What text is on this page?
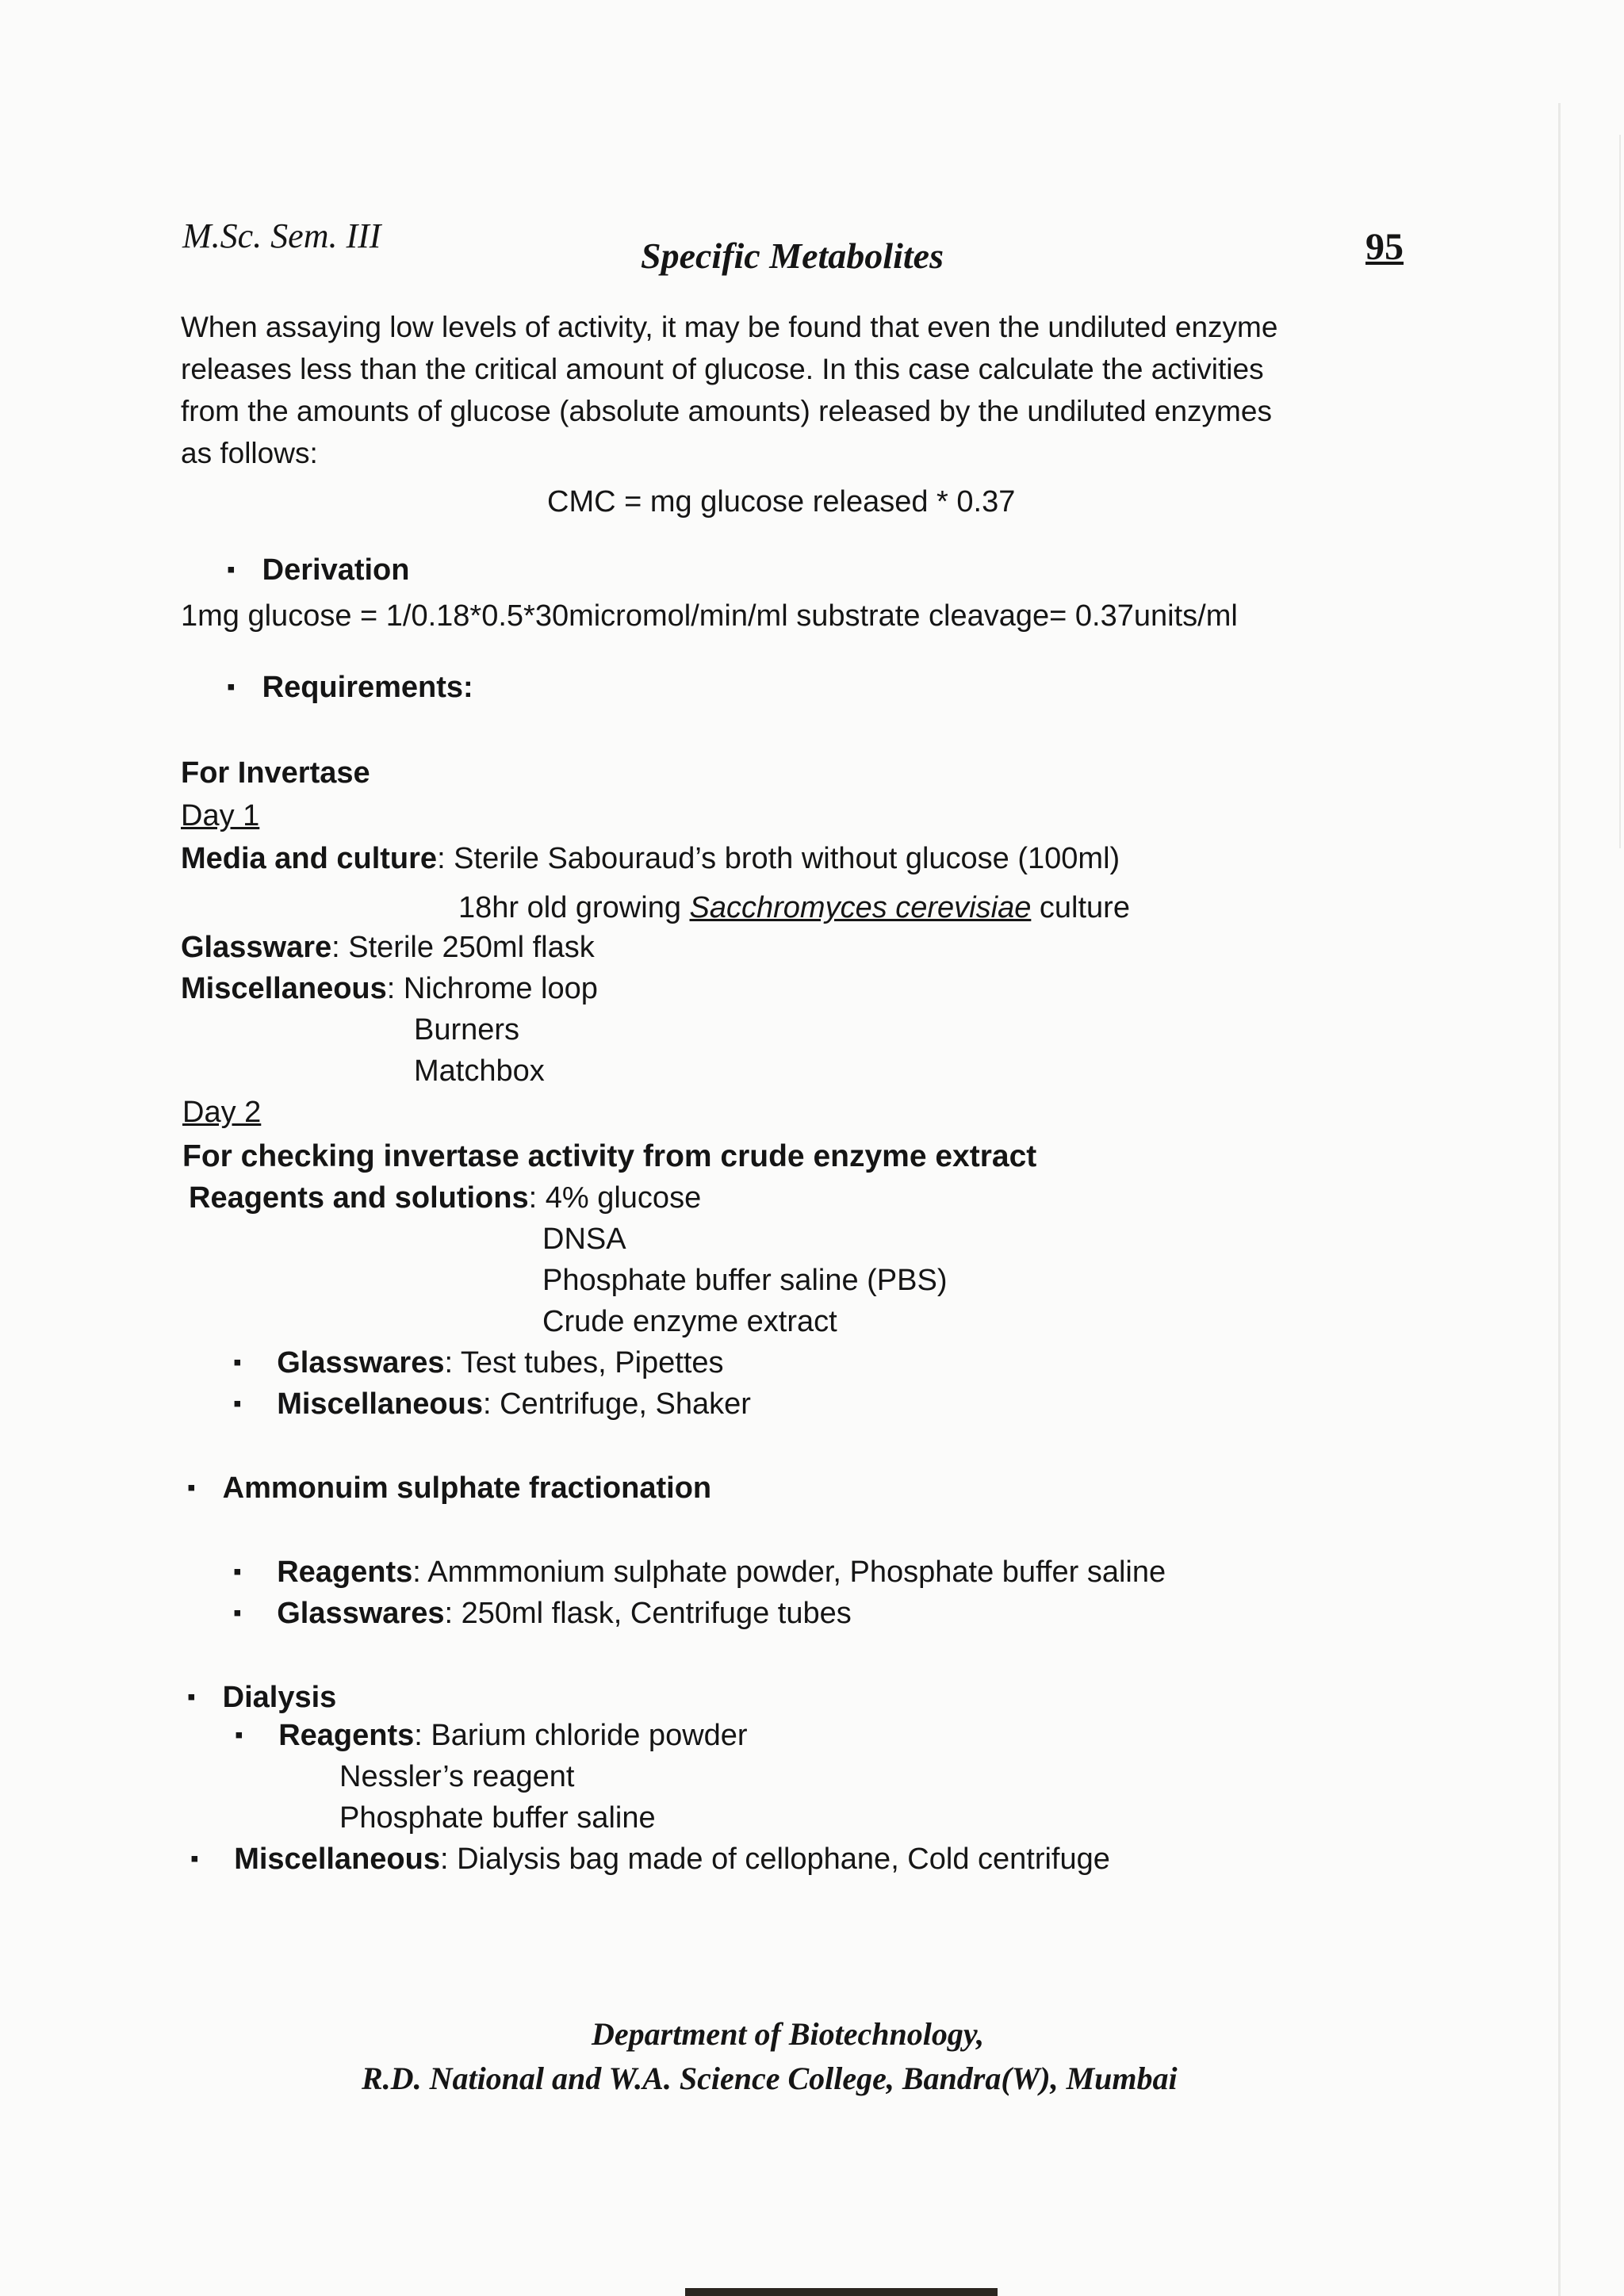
M.Sc. Sem. III	Specific Metabolites	95
When assaying low levels of activity, it may be found that even the undiluted enzyme
releases less than the critical amount of glucose. In this case calculate the activities
from the amounts of glucose (absolute amounts) released by the undiluted enzymes
as follows:
CMC = mg glucose released * 0.37
▪ Derivation
1mg glucose = 1/0.18*0.5*30micromol/min/ml substrate cleavage= 0.37units/ml
▪ Requirements:
For Invertase
Day 1
Media and culture: Sterile Sabouraud’s broth without glucose (100ml)
18hr old growing Sacchromyces cerevisiae culture
Glassware: Sterile 250ml flask
Miscellaneous: Nichrome loop
Burners
Matchbox
Day 2
For checking invertase activity from crude enzyme extract
Reagents and solutions: 4% glucose
DNSA
Phosphate buffer saline (PBS)
Crude enzyme extract
▪ Glasswares: Test tubes, Pipettes
▪ Miscellaneous: Centrifuge, Shaker
▪ Ammonuim sulphate fractionation
▪ Reagents: Ammmonium sulphate powder, Phosphate buffer saline
▪ Glasswares: 250ml flask, Centrifuge tubes
▪ Dialysis
▪ Reagents: Barium chloride powder
Nessler’s reagent
Phosphate buffer saline
▪ Miscellaneous: Dialysis bag made of cellophane, Cold centrifuge
Department of Biotechnology,
R.D. National and W.A. Science College, Bandra(W), Mumbai
